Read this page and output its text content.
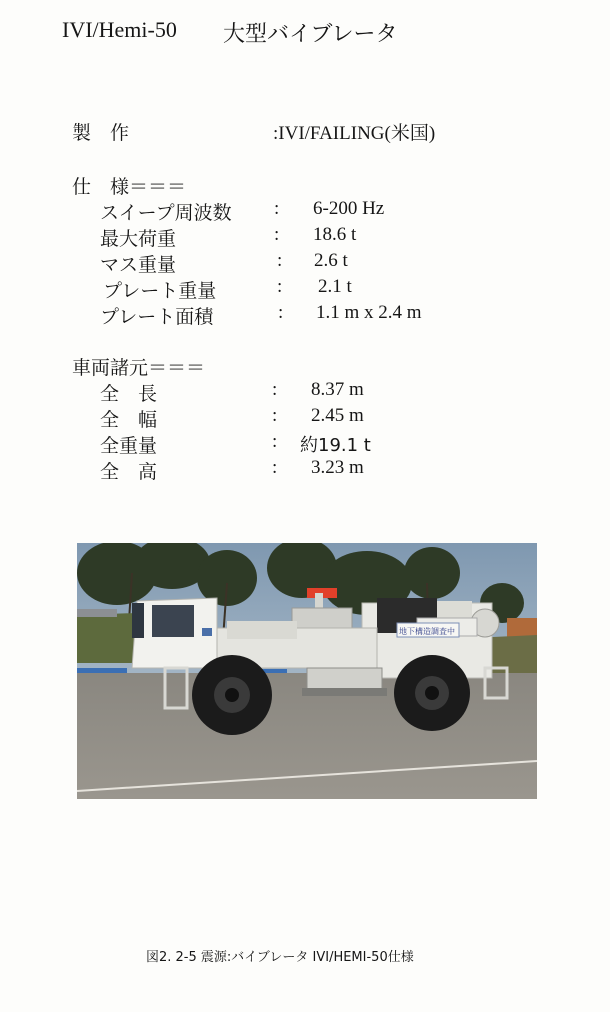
IVI/Hemi-50 大型バイブレータ
製　作	:IVI/FAILING(米国)
仕　様＝＝＝
スイープ周波数 : 6-200 Hz
最大荷重	: 18.6 t
マス重量	: 2.6 t
プレート重量	: 2.1 t
プレート面積	: 1.1 m x 2.4 m
車両諸元＝＝＝
全　長	: 8.37 m
全　幅	: 2.45 m
全重量	: 約19.1 t
全　高	: 3.23 m
地下構造調査中
図2. 2-5 震源:バイブレータ IVI/HEMI-50仕様
